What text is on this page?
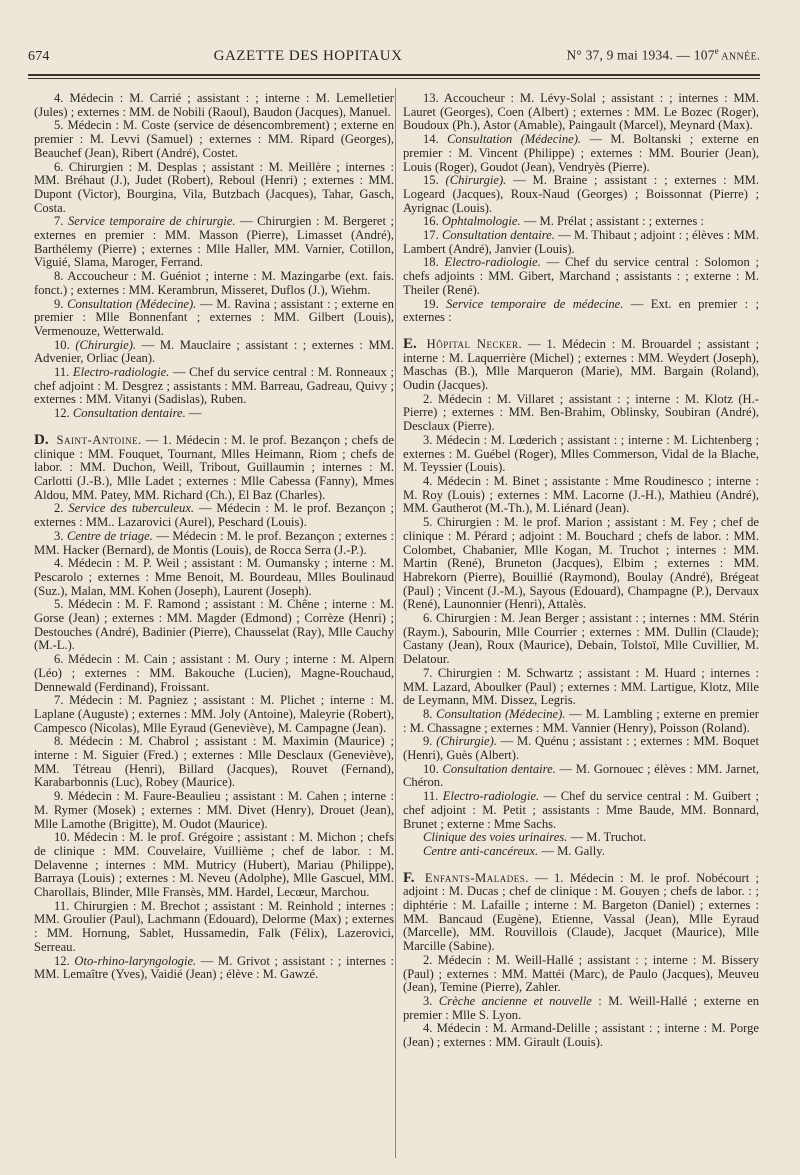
674	GAZETTE DES HOPITAUX	N° 37, 9 mai 1934. — 107e ANNÉE.

4. Médecin : M. Carrié ; assistant : ; interne : M. Lemelletier (Jules) ; externes : MM. de Nobili (Raoul), Baudon (Jacques), Manuel.

5. Médecin : M. Coste (service de désencombrement) ; externe en premier : M. Levvi (Samuel) ; externes : MM. Ripard (Georges), Beauchef (Jean), Ribert (André), Costet.

6. Chirurgien : M. Desplas ; assistant : M. Meillère ; internes : MM. Bréhaut (J.), Judet (Robert), Reboul (Henri) ; externes : MM. Dupont (Victor), Bourgina, Vila, Butzbach (Jacques), Tahar, Gasch, Costa.

7. Service temporaire de chirurgie. — Chirurgien : M. Bergeret ; externes en premier : MM. Masson (Pierre), Limasset (André), Barthélemy (Pierre) ; externes : Mlle Haller, MM. Varnier, Cotillon, Viguié, Slama, Maroger, Ferrand.

8. Accoucheur : M. Guéniot ; interne : M. Mazingarbe (ext. fais. fonct.) ; externes : MM. Kerambrun, Misseret, Duflos (J.), Wiehm.

9. Consultation (Médecine). — M. Ravina ; assistant : ; externe en premier : Mlle Bonnenfant ; externes : MM. Gilbert (Louis), Vermenouze, Wetterwald.

10. (Chirurgie). — M. Mauclaire ; assistant : ; externes : MM. Advenier, Orliac (Jean).

11. Electro-radiologie. — Chef du service central : M. Ronneaux ; chef adjoint : M. Desgrez ; assistants : MM. Barreau, Gadreau, Quivy ; externes : MM. Vitanyi (Sadislas), Ruben.

12. Consultation dentaire. —

D. Saint-Antoine. — 1. Médecin : M. le prof. Bezançon ; chefs de clinique : MM. Fouquet, Tournant, Mlles Heimann, Riom ; chefs de labor. : MM. Duchon, Weill, Tribout, Guillaumin ; internes : M. Carlotti (J.-B.), Mlle Ladet ; externes : Mlle Cabessa (Fanny), Mmes Aldou, MM. Patey, MM. Richard (Ch.), El Baz (Charles).

2. Service des tuberculeux. — Médecin : M. le prof. Bezançon ; externes : MM.. Lazarovici (Aurel), Peschard (Louis).

3. Centre de triage. — Médecin : M. le prof. Bezançon ; externes : MM. Hacker (Bernard), de Montis (Louis), de Rocca Serra (J.-P.).

4. Médecin : M. P. Weil ; assistant : M. Oumansky ; interne : M. Pescarolo ; externes : Mme Benoit, M. Bourdeau, Mlles Boulinaud (Suz.), Malan, MM. Kohen (Joseph), Laurent (Joseph).

5. Médecin : M. F. Ramond ; assistant : M. Chêne ; interne : M. Gorse (Jean) ; externes : MM. Magder (Edmond) ; Corrèze (Henri) ; Destouches (André), Badinier (Pierre), Chausselat (Ray), Mlle Cauchy (M.-L.).

6. Médecin : M. Cain ; assistant : M. Oury ; interne : M. Alpern (Léo) ; externes : MM. Bakouche (Lucien), Magne-Rouchaud, Dennewald (Ferdinand), Froissant.

7. Médecin : M. Pagniez ; assistant : M. Plichet ; interne : M. Laplane (Auguste) ; externes : MM. Joly (Antoine), Maleyrie (Robert), Campesco (Nicolas), Mlle Eyraud (Geneviève), M. Campagne (Jean).

8. Médecin : M. Chabrol ; assistant : M. Maximin (Maurice) ; interne : M. Siguier (Fred.) ; externes : Mlle Desclaux (Geneviève), MM. Tétreau (Henri), Billard (Jacques), Rouvet (Fernand), Karabarbonnis (Luc), Robey (Maurice).

9. Médecin : M. Faure-Beaulieu ; assistant : M. Cahen ; interne : M. Rymer (Mosek) ; externes : MM. Divet (Henry), Drouet (Jean), Mlle Lamothe (Brigitte), M. Oudot (Maurice).

10. Médecin : M. le prof. Grégoire ; assistant : M. Michon ; chefs de clinique : MM. Couvelaire, Vuillième ; chef de labor. : M. Delavenne ; internes : MM. Mutricy (Hubert), Mariau (Philippe), Barraya (Louis) ; externes : M. Neveu (Adolphe), Mlle Gascuel, MM. Charollais, Blinder, Mlle Fransès, MM. Hardel, Lecœur, Marchou.

11. Chirurgien : M. Brechot ; assistant : M. Reinhold ; internes : MM. Groulier (Paul), Lachmann (Edouard), Delorme (Max) ; externes : MM. Hornung, Sablet, Hussamedin, Falk (Félix), Lazerovici, Serreau.

12. Oto-rhino-laryngologie. — M. Grivot ; assistant : ; internes : MM. Lemaître (Yves), Vaidié (Jean) ; élève : M. Gawzé.

13. Accoucheur : M. Lévy-Solal ; assistant : ; internes : MM. Lauret (Georges), Coen (Albert) ; externes : MM. Le Bozec (Roger), Boudoux (Ph.), Astor (Amable), Paingault (Marcel), Meynard (Max).

14. Consultation (Médecine). — M. Boltanski ; externe en premier : M. Vincent (Philippe) ; externes : MM. Bourier (Jean), Louis (Roger), Goudot (Jean), Vendryès (Pierre).

15. (Chirurgie). — M. Braine ; assistant : ; externes : MM. Logeard (Jacques), Roux-Naud (Georges) ; Boissonnat (Pierre) ; Ayrignac (Louis).

16. Ophtalmologie. — M. Prélat ; assistant : ; externes :

17. Consultation dentaire. — M. Thibaut ; adjoint : ; élèves : MM. Lambert (André), Janvier (Louis).

18. Electro-radiologie. — Chef du service central : Solomon ; chefs adjoints : MM. Gibert, Marchand ; assistants : ; externe : M. Theiler (René).

19. Service temporaire de médecine. — Ext. en premier : ; externes :

E. Hôpital Necker. — 1. Médecin : M. Brouardel ; assistant ; interne : M. Laquerrière (Michel) ; externes : MM. Weydert (Joseph), Maschas (B.), Mlle Marqueron (Marie), MM. Bargain (Roland), Oudin (Jacques).

2. Médecin : M. Villaret ; assistant : ; interne : M. Klotz (H.-Pierre) ; externes : MM. Ben-Brahim, Oblinsky, Soubiran (André), Desclaux (Pierre).

3. Médecin : M. Lœderich ; assistant : ; interne : M. Lichtenberg ; externes : M. Guébel (Roger), Mlles Commerson, Vidal de la Blache, M. Teyssier (Louis).

4. Médecin : M. Binet ; assistante : Mme Roudinesco ; interne : M. Roy (Louis) ; externes : MM. Lacorne (J.-H.), Mathieu (André), MM. Gautherot (M.-Th.), M. Liénard (Jean).

5. Chirurgien : M. le prof. Marion ; assistant : M. Fey ; chef de clinique : M. Pérard ; adjoint : M. Bouchard ; chefs de labor. : MM. Colombet, Chabanier, Mlle Kogan, M. Truchot ; internes : MM. Martin (René), Bruneton (Jacques), Elbim ; externes : MM. Habrekorn (Pierre), Bouillié (Raymond), Boulay (André), Brégeat (Paul) ; Vincent (J.-M.), Sayous (Edouard), Champagne (P.), Dervaux (René), Launonnier (Henri), Attalès.

6. Chirurgien : M. Jean Berger ; assistant : ; internes : MM. Stérin (Raym.), Sabourin, Mlle Courrier ; externes : MM. Dullin (Claude); Castany (Jean), Roux (Maurice), Debain, Tolstoï, Mlle Cuvillier, M. Delatour.

7. Chirurgien : M. Schwartz ; assistant : M. Huard ; internes : MM. Lazard, Aboulker (Paul) ; externes : MM. Lartigue, Klotz, Mlle de Leymann, MM. Dissez, Legris.

8. Consultation (Médecine). — M. Lambling ; externe en premier : M. Chassagne ; externes : MM. Vannier (Henry), Poisson (Roland).

9. (Chirurgie). — M. Quénu ; assistant : ; externes : MM. Boquet (Henri), Guès (Albert).

10. Consultation dentaire. — M. Gornouec ; élèves : MM. Jarnet, Chéron.

11. Electro-radiologie. — Chef du service central : M. Guibert ; chef adjoint : M. Petit ; assistants : Mme Baude, MM. Bonnard, Brunet ; externe : Mme Sachs.

Clinique des voies urinaires. — M. Truchot.

Centre anti-cancéreux. — M. Gally.

F. Enfants-Malades. — 1. Médecin : M. le prof. Nobécourt ; adjoint : M. Ducas ; chef de clinique : M. Gouyen ; chefs de labor. : ; diphtérie : M. Lafaille ; interne : M. Bargeton (Daniel) ; externes : MM. Bancaud (Eugène), Etienne, Vassal (Jean), Mlle Eyraud (Marcelle), MM. Rouvillois (Claude), Jacquet (Maurice), Mlle Marcille (Sabine).

2. Médecin : M. Weill-Hallé ; assistant : ; interne : M. Bissery (Paul) ; externes : MM. Mattéi (Marc), de Paulo (Jacques), Meuveu (Jean), Temine (Pierre), Zahler.

3. Crèche ancienne et nouvelle : M. Weill-Hallé ; externe en premier : Mlle S. Lyon.

4. Médecin : M. Armand-Delille ; assistant : ; interne : M. Porge (Jean) ; externes : MM. Girault (Louis).
